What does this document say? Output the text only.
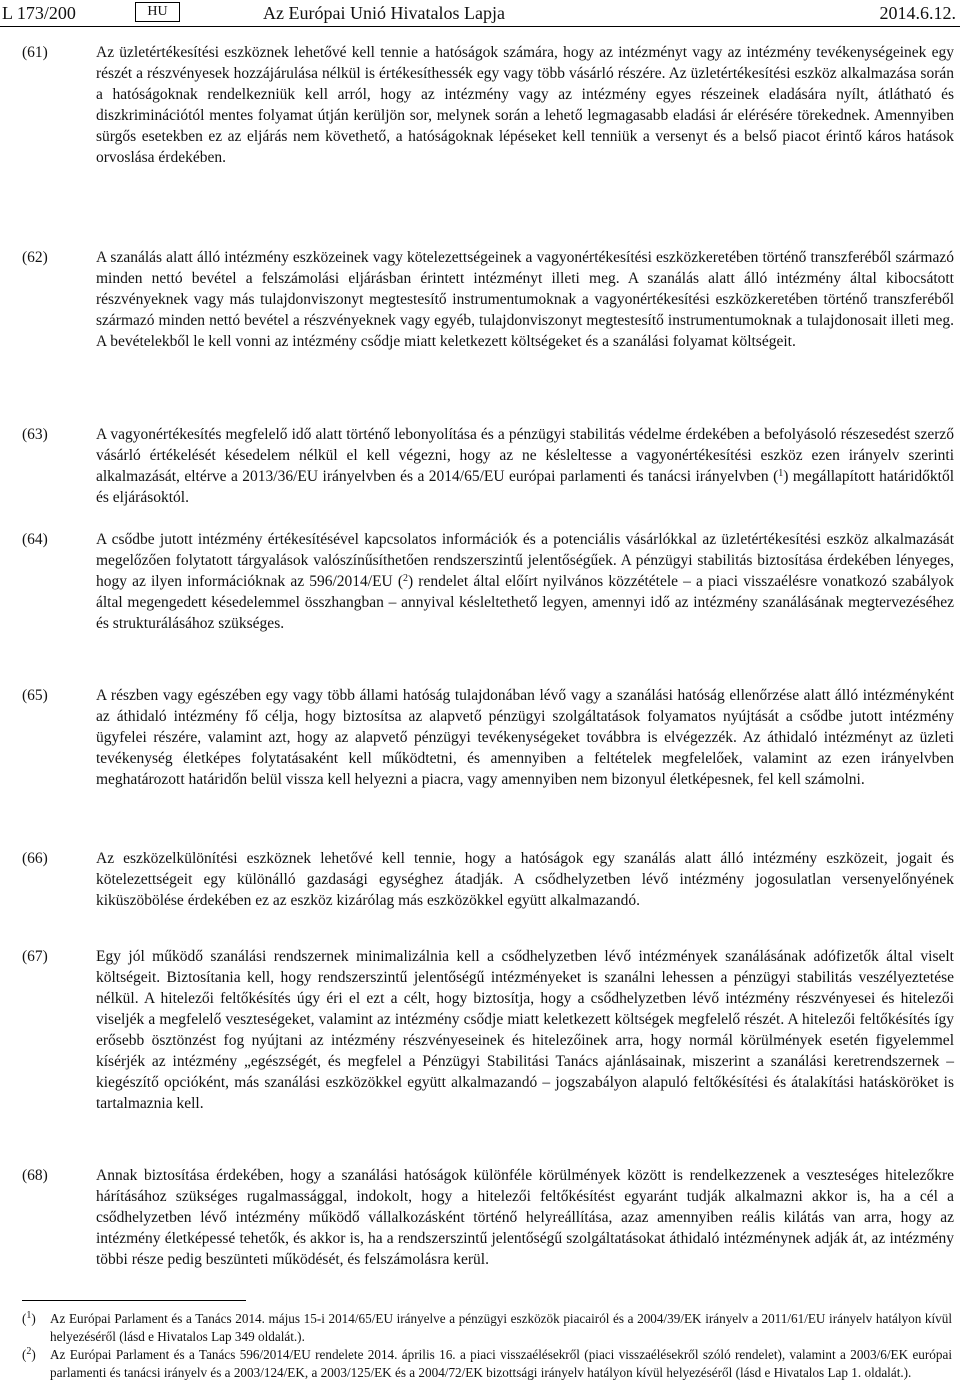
L 173/200	HU	Az Európai Unió Hivatalos Lapja	2014.6.12.
(61)	Az üzletértékesítési eszköznek lehetővé kell tennie a hatóságok számára, hogy az intézményt vagy az intézmény tevékenységeinek egy részét a részvényesek hozzájárulása nélkül is értékesíthessék egy vagy több vásárló részére. Az üzletértékesítési eszköz alkalmazása során a hatóságoknak rendelkezniük kell arról, hogy az intézmény vagy az intézmény egyes részeinek eladására nyílt, átlátható és diszkriminációtól mentes folyamat útján kerüljön sor, melynek során a lehető legmagasabb eladási ár elérésére törekednek. Amennyiben sürgős esetekben ez az eljárás nem követhető, a hatóságoknak lépéseket kell tenniük a versenyt és a belső piacot érintő káros hatások orvoslása érdekében.
(62)	A szanálás alatt álló intézmény eszközeinek vagy kötelezettségeinek a vagyonértékesítési eszközkeretében történő transzferéből származó minden nettó bevétel a felszámolási eljárásban érintett intézményt illeti meg. A szanálás alatt álló intézmény által kibocsátott részvényeknek vagy más tulajdonviszonyt megtestesítő instrumentumoknak a vagyonértékesítési eszközkeretében történő transzferéből származó minden nettó bevétel a részvényeknek vagy egyéb, tulajdonviszonyt megtestesítő instrumentumoknak a tulajdonosait illeti meg. A bevételekből le kell vonni az intézmény csődje miatt keletkezett költségeket és a szanálási folyamat költségeit.
(63)	A vagyonértékesítés megfelelő idő alatt történő lebonyolítása és a pénzügyi stabilitás védelme érdekében a befolyásoló részesedést szerző vásárló értékelését késedelem nélkül el kell végezni, hogy az ne késleltesse a vagyonértékesítési eszköz ezen irányelv szerinti alkalmazását, eltérve a 2013/36/EU irányelvben és a 2014/65/EU európai parlamenti és tanácsi irányelvben ($^1$) megállapított határidőktől és eljárásoktól.
(64)	A csődbe jutott intézmény értékesítésével kapcsolatos információk és a potenciális vásárlókkal az üzletértékesítési eszköz alkalmazását megelőzően folytatott tárgyalások valószínűsíthetően rendszerszintű jelentőségűek. A pénzügyi stabilitás biztosítása érdekében lényeges, hogy az ilyen információknak az 596/2014/EU ($^2$) rendelet által előírt nyilvános közzététele – a piaci visszaélésre vonatkozó szabályok által megengedett késedelemmel összhangban – annyival késleltethető legyen, amennyi idő az intézmény szanálásának megtervezéséhez és strukturálásához szükséges.
(65)	A részben vagy egészében egy vagy több állami hatóság tulajdonában lévő vagy a szanálási hatóság ellenőrzése alatt álló intézményként az áthidaló intézmény fő célja, hogy biztosítsa az alapvető pénzügyi szolgáltatások folyamatos nyújtását a csődbe jutott intézmény ügyfelei részére, valamint azt, hogy az alapvető pénzügyi tevékenységeket továbbra is elvégezzék. Az áthidaló intézményt az üzleti tevékenység életképes folytatásaként kell működtetni, és amennyiben a feltételek megfelelőek, valamint az ezen irányelvben meghatározott határidőn belül vissza kell helyezni a piacra, vagy amennyiben nem bizonyul életképesnek, fel kell számolni.
(66)	Az eszközelkülönítési eszköznek lehetővé kell tennie, hogy a hatóságok egy szanálás alatt álló intézmény eszközeit, jogait és kötelezettségeit egy különálló gazdasági egységhez átadják. A csődhelyzetben lévő intézmény jogosulatlan versenyelőnyének kiküszöbölése érdekében ez az eszköz kizárólag más eszközökkel együtt alkalmazandó.
(67)	Egy jól működő szanálási rendszernek minimalizálnia kell a csődhelyzetben lévő intézmények szanálásának adófizetők által viselt költségeit. Biztosítania kell, hogy rendszerszintű jelentőségű intézményeket is szanálni lehessen a pénzügyi stabilitás veszélyeztetése nélkül. A hitelezői feltőkésítés úgy éri el ezt a célt, hogy biztosítja, hogy a csődhelyzetben lévő intézmény részvényesei és hitelezői viseljék a megfelelő veszteségeket, valamint az intézmény csődje miatt keletkezett költségek megfelelő részét. A hitelezői feltőkésítés így erősebb ösztönzést fog nyújtani az intézmény részvényeseinek és hitelezőinek arra, hogy normál körülmények esetén figyelemmel kísérjék az intézmény „egészségét, és megfelel a Pénzügyi Stabilitási Tanács ajánlásainak, miszerint a szanálási keretrendszernek – kiegészítő opcióként, más szanálási eszközökkel együtt alkalmazandó – jogszabályon alapuló feltőkésítési és átalakítási hatásköröket is tartalmaznia kell.
(68)	Annak biztosítása érdekében, hogy a szanálási hatóságok különféle körülmények között is rendelkezzenek a veszteséges hitelezőkre hárításához szükséges rugalmassággal, indokolt, hogy a hitelezői feltőkésítést egyaránt tudják alkalmazni akkor is, ha a cél a csődhelyzetben lévő intézmény működő vállalkozásként történő helyreállítása, azaz amennyiben reális kilátás van arra, hogy az intézmény életképessé tehetők, és akkor is, ha a rendszerszintű jelentőségű szolgáltatásokat áthidaló intézménynek adják át, az intézmény többi része pedig beszünteti működését, és felszámolásra kerül.
($^1$) Az Európai Parlament és a Tanács 2014. május 15-i 2014/65/EU irányelve a pénzügyi eszközök piacairól és a 2004/39/EK irányelv a 2011/61/EU irányelv hatályon kívül helyezéséről (lásd e Hivatalos Lap 349 oldalát.).
($^2$) Az Európai Parlament és a Tanács 596/2014/EU rendelete 2014. április 16. a piaci visszaélésekről (piaci visszaélésekről szóló rendelet), valamint a 2003/6/EK európai parlamenti és tanácsi irányelv és a 2003/124/EK, a 2003/125/EK és a 2004/72/EK bizottsági irányelv hatályon kívül helyezéséről (lásd e Hivatalos Lap 1. oldalát.).
